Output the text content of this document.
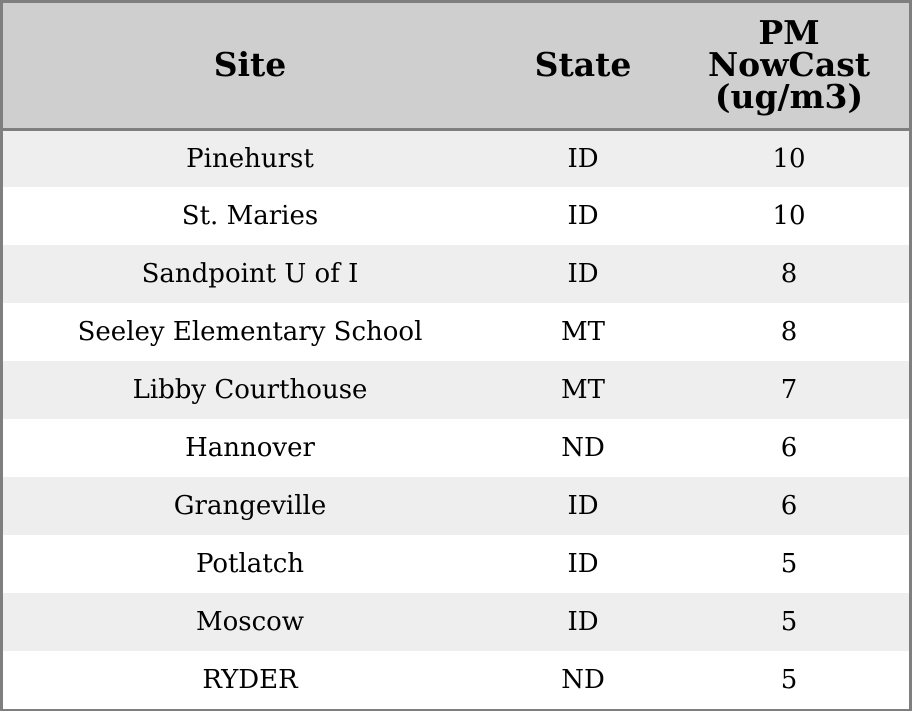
Site	State	PM
NowCast
(ug/m3)

Pinehurst	ID	10
St. Maries	ID	10
Sandpoint U of I	ID	8
Seeley Elementary School	MT	8
Libby Courthouse	MT	7
Hannover	ND	6
Grangeville	ID	6
Potlatch	ID	5
Moscow	ID	5
RYDER	ND	5
